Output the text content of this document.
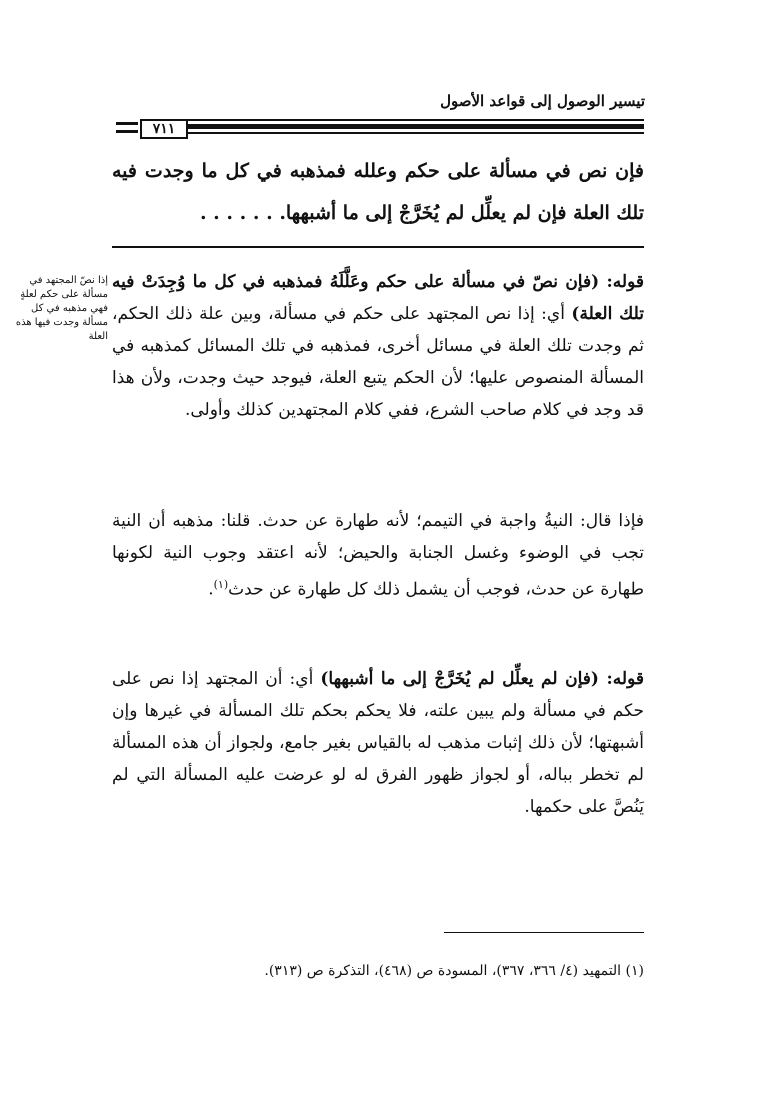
تيسير الوصول إلى قواعد الأصول
٧١١
فإن نص في مسألة على حكم وعلله فمذهبه في كل ما وجدت فيه تلك العلة فإن لم يعلِّل لم يُخَرَّجْ إلى ما أشبهها. . . . . . .
إذا نصّ المجتهد في مسألة على حكم لعلةٍ فهي مذهبه في كل مسألة وجدت فيها هذه العلة
قوله: (فإن نصّ في مسألة على حكم وعَلَّلَهُ فمذهبه في كل ما وُجِدَتْ فيه تلك العلة) أي: إذا نص المجتهد على حكم في مسألة، وبين علة ذلك الحكم، ثم وجدت تلك العلة في مسائل أخرى، فمذهبه في تلك المسائل كمذهبه في المسألة المنصوص عليها؛ لأن الحكم يتبع العلة، فيوجد حيث وجدت، ولأن هذا قد وجد في كلام صاحب الشرع، ففي كلام المجتهدين كذلك وأولى.
فإذا قال: النيةُ واجبة في التيمم؛ لأنه طهارة عن حدث. قلنا: مذهبه أن النية تجب في الوضوء وغسل الجنابة والحيض؛ لأنه اعتقد وجوب النية لكونها طهارة عن حدث، فوجب أن يشمل ذلك كل طهارة عن حدث$^{(١)}$.
قوله: (فإن لم يعلِّل لم يُخَرَّجْ إلى ما أشبهها) أي: أن المجتهد إذا نص على حكم في مسألة ولم يبين علته، فلا يحكم بحكم تلك المسألة في غيرها وإن أشبهتها؛ لأن ذلك إثبات مذهب له بالقياس بغير جامع، ولجواز أن هذه المسألة لم تخطر بباله، أو لجواز ظهور الفرق له لو عرضت عليه المسألة التي لم يَنُصَّ على حكمها.
(١) التمهيد (٤/ ٣٦٦، ٣٦٧)، المسودة ص (٤٦٨)، التذكرة ص (٣١٣).
